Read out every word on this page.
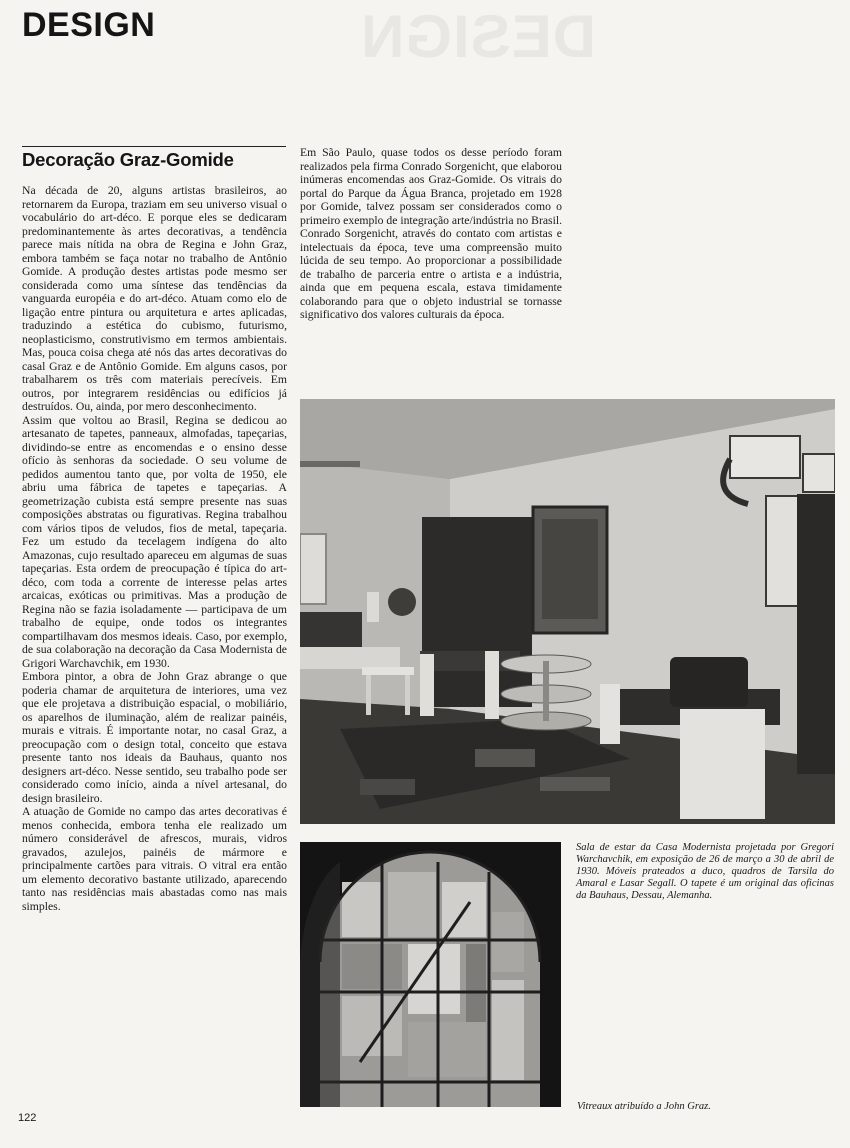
DESIGN
DESIGN
Decoração Graz-Gomide

Na década de 20, alguns artistas brasileiros, ao retornarem da Europa, traziam em seu universo visual o vocabulário do art-déco. E porque eles se dedicaram predominantemente às artes decorativas, a tendência parece mais nítida na obra de Regina e John Graz, embora também se faça notar no trabalho de Antônio Gomide. A produção destes artistas pode mesmo ser considerada como uma síntese das tendências da vanguarda européia e do art-déco. Atuam como elo de ligação entre pintura ou arquitetura e artes aplicadas, traduzindo a estética do cubismo, futurismo, neoplasticismo, construtivismo em termos ambientais. Mas, pouca coisa chega até nós das artes decorativas do casal Graz e de Antônio Gomide. Em alguns casos, por trabalharem os três com materiais perecíveis. Em outros, por integrarem residências ou edifícios já destruídos. Ou, ainda, por mero desconhecimento.

Assim que voltou ao Brasil, Regina se dedicou ao artesanato de tapetes, panneaux, almofadas, tapeçarias, dividindo-se entre as encomendas e o ensino desse ofício às senhoras da sociedade. O seu volume de pedidos aumentou tanto que, por volta de 1950, ele abriu uma fábrica de tapetes e tapeçarias. A geometrização cubista está sempre presente nas suas composições abstratas ou figurativas. Regina trabalhou com vários tipos de veludos, fios de metal, tapeçaria. Fez um estudo da tecelagem indígena do alto Amazonas, cujo resultado apareceu em algumas de suas tapeçarias. Esta ordem de preocupação é típica do art-déco, com toda a corrente de interesse pelas artes arcaicas, exóticas ou primitivas. Mas a produção de Regina não se fazia isoladamente — participava de um trabalho de equipe, onde todos os integrantes compartilhavam dos mesmos ideais. Caso, por exemplo, de sua colaboração na decoração da Casa Modernista de Grigori Warchavchik, em 1930.

Embora pintor, a obra de John Graz abrange o que poderia chamar de arquitetura de interiores, uma vez que ele projetava a distribuição espacial, o mobiliário, os aparelhos de iluminação, além de realizar painéis, murais e vitrais. É importante notar, no casal Graz, a preocupação com o design total, conceito que estava presente tanto nos ideais da Bauhaus, quanto nos designers art-déco. Nesse sentido, seu trabalho pode ser considerado como início, ainda a nível artesanal, do design brasileiro.

A atuação de Gomide no campo das artes decorativas é menos conhecida, embora tenha ele realizado um número considerável de afrescos, murais, vidros gravados, azulejos, painéis de mármore e principalmente cartões para vitrais. O vitral era então um elemento decorativo bastante utilizado, aparecendo tanto nas residências mais abastadas como nas mais simples.

Em São Paulo, quase todos os desse período foram realizados pela firma Conrado Sorgenicht, que elaborou inúmeras encomendas aos Graz-Gomide. Os vitrais do portal do Parque da Água Branca, projetado em 1928 por Gomide, talvez possam ser considerados como o primeiro exemplo de integração arte/indústria no Brasil. Conrado Sorgenicht, através do contato com artistas e intelectuais da época, teve uma compreensão muito lúcida de seu tempo. Ao proporcionar a possibilidade de trabalho de parceria entre o artista e a indústria, ainda que em pequena escala, estava timidamente colaborando para que o objeto industrial se tornasse significativo dos valores culturais da época.

Sala de estar da Casa Modernista projetada por Gregori Warchavchik, em exposição de 26 de março a 30 de abril de 1930. Móveis prateados a duco, quadros de Tarsila do Amaral e Lasar Segall. O tapete é um original das oficinas da Bauhaus, Dessau, Alemanha.
Vitreaux atribuído a John Graz.
122
